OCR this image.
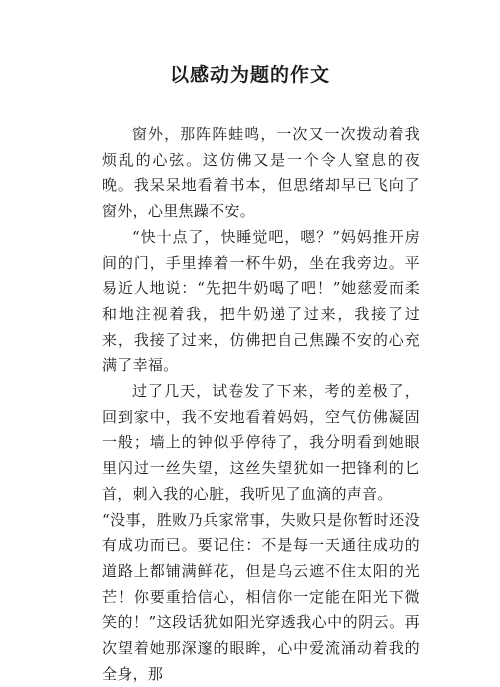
以感动为题的作文

窗外，那阵阵蛙鸣，一次又一次拨动着我烦乱的心弦。这仿佛又是一个令人窒息的夜晚。我呆呆地看着书本，但思绪却早已飞向了窗外，心里焦躁不安。

“快十点了，快睡觉吧，嗯？”妈妈推开房间的门，手里捧着一杯牛奶，坐在我旁边。平易近人地说：“先把牛奶喝了吧！”她慈爱而柔和地注视着我，把牛奶递了过来，我接了过来，我接了过来，仿佛把自己焦躁不安的心充满了幸福。

过了几天，试卷发了下来，考的差极了，回到家中，我不安地看着妈妈，空气仿佛凝固一般；墙上的钟似乎停待了，我分明看到她眼里闪过一丝失望，这丝失望犹如一把锋利的匕首，刺入我的心脏，我听见了血滴的声音。

“没事，胜败乃兵家常事，失败只是你暂时还没有成功而已。要记住：不是每一天通往成功的道路上都铺满鲜花，但是乌云遮不住太阳的光芒！你要重拾信心，相信你一定能在阳光下微笑的！”这段话犹如阳光穿透我心中的阴云。再次望着她那深邃的眼眸，心中爱流涌动着我的全身，那
